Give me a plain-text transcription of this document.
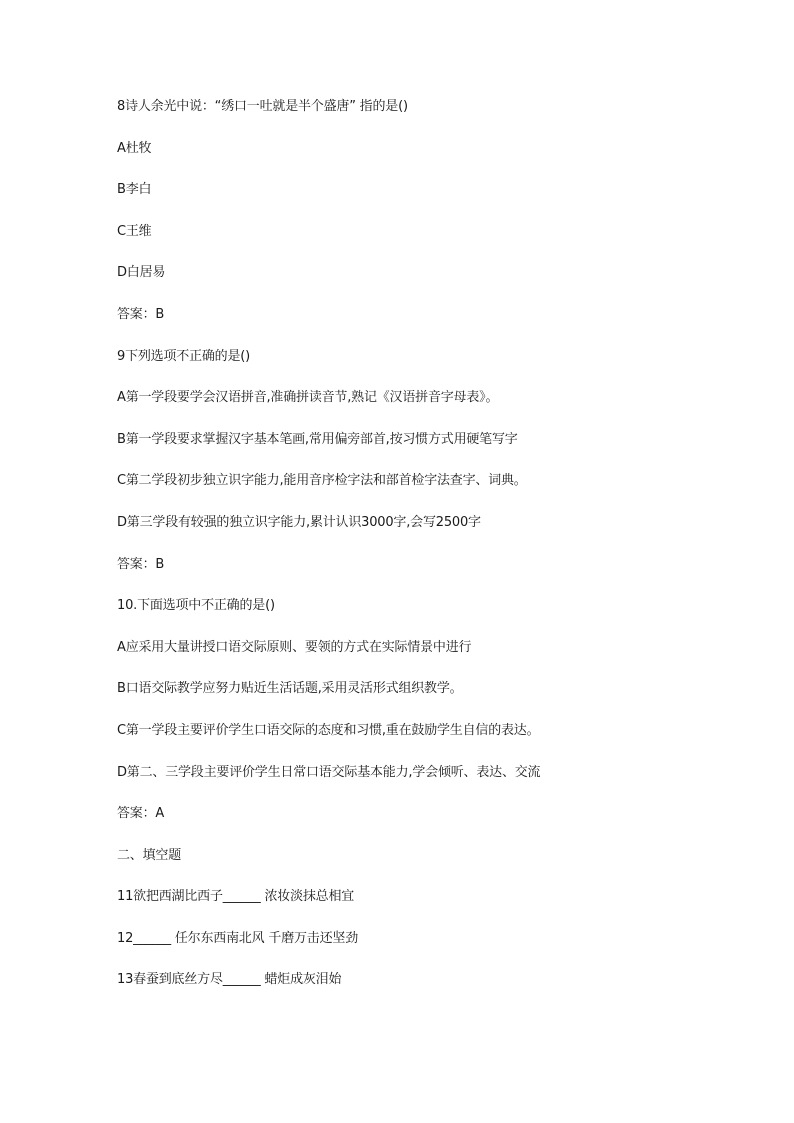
8诗人余光中说：“绣口一吐就是半个盛唐” 指的是()
A杜牧
B李白
C王维
D白居易
答案：B
9下列选项不正确的是()
A第一学段要学会汉语拼音,准确拼读音节,熟记《汉语拼音字母表》。
B第一学段要求掌握汉字基本笔画,常用偏旁部首,按习惯方式用硬笔写字
C第二学段初步独立识字能力,能用音序检字法和部首检字法查字、词典。
D第三学段有较强的独立识字能力,累计认识3000字,会写2500字
答案：B
10.下面选项中不正确的是()
A应采用大量讲授口语交际原则、要领的方式在实际情景中进行
B口语交际教学应努力贴近生活话题,采用灵活形式组织教学。
C第一学段主要评价学生口语交际的态度和习惯,重在鼓励学生自信的表达。
D第二、三学段主要评价学生日常口语交际基本能力,学会倾听、表达、交流
答案：A
二、填空题
11欲把西湖比西子______ 浓妆淡抹总相宜
12______ 任尔东西南北风 千磨万击还坚劲
13春蚕到底丝方尽______ 蜡炬成灰泪始
